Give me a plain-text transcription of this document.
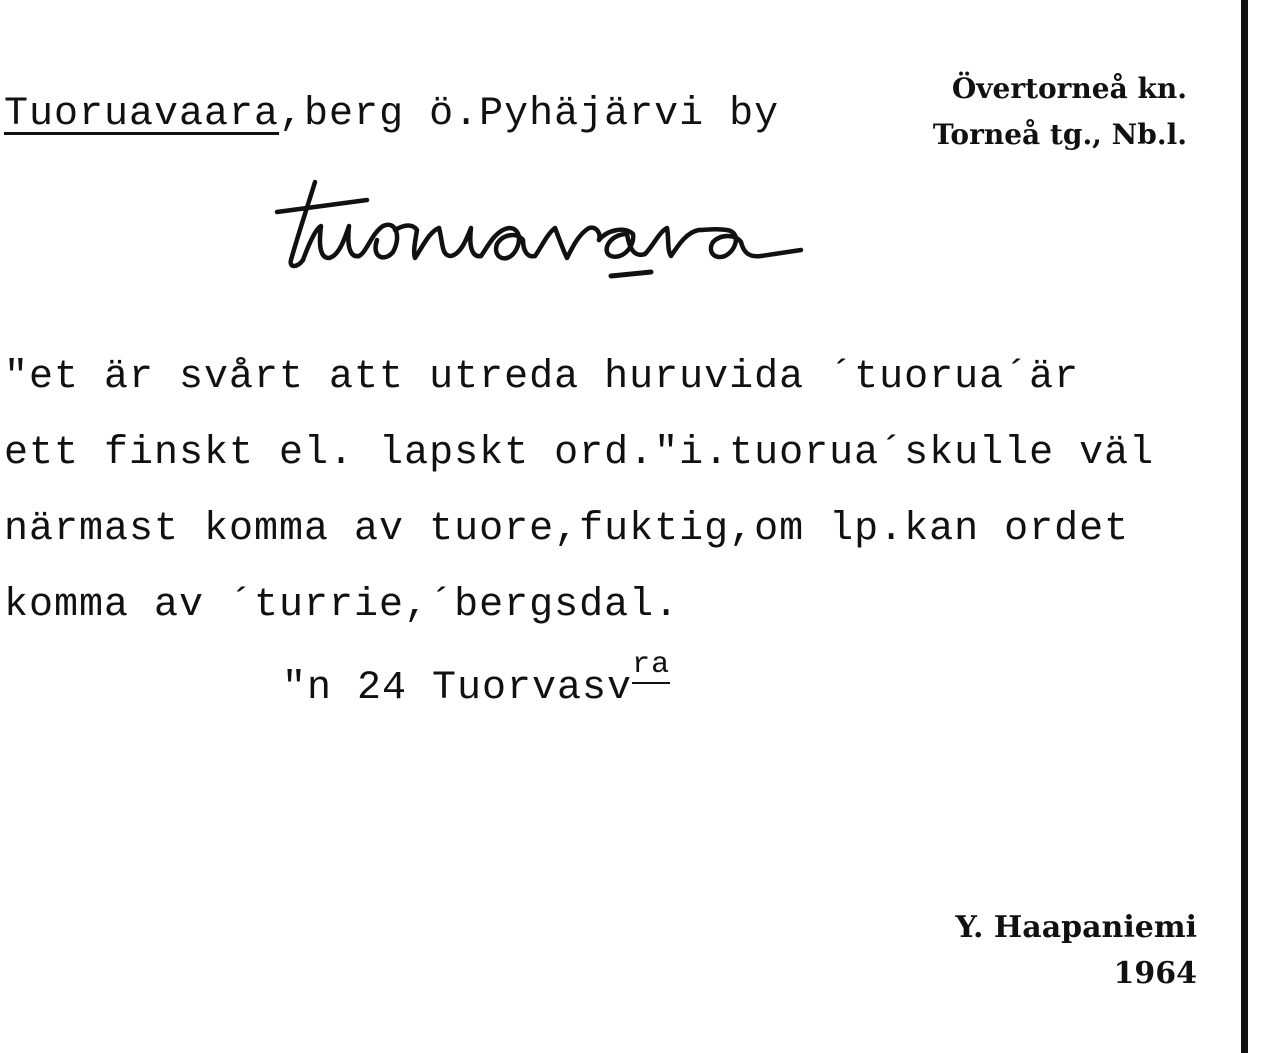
Tuoruavaara,berg ö.Pyhäjärvi by
Övertorneå kn.
Torneå tg., Nb.l.
"et är svårt att utreda huruvida ´tuorua´är
ett finskt el. lapskt ord."i.tuorua´skulle väl
närmast komma av tuore,fuktig,om lp.kan ordet
komma av ´turrie,´bergsdal.
"n 24 Tuorvasv$^{ra}$
Y. Haapaniemi
1964
